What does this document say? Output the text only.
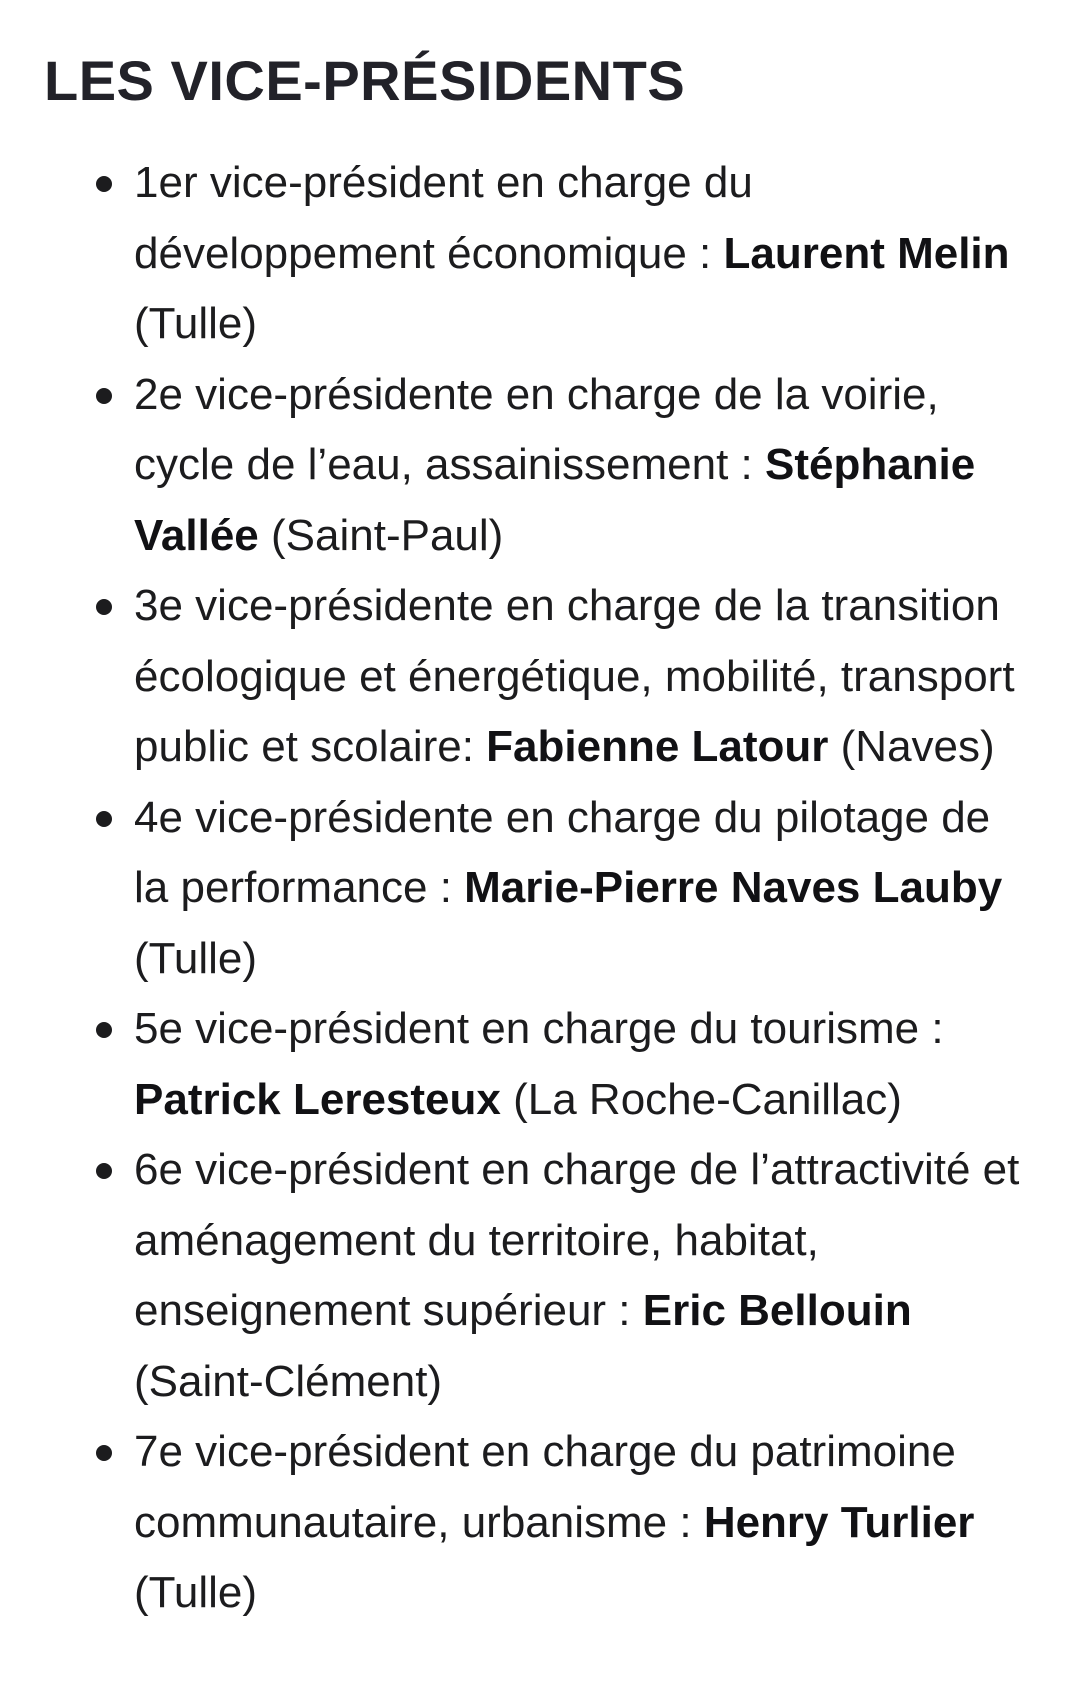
LES VICE-PRÉSIDENTS
1er vice-président en charge du développement économique : Laurent Melin (Tulle)
2e vice-présidente en charge de la voirie, cycle de l’eau, assainissement : Stéphanie Vallée (Saint-Paul)
3e vice-présidente en charge de la transition écologique et énergétique, mobilité, transport public et scolaire: Fabienne Latour (Naves)
4e vice-présidente en charge du pilotage de la performance : Marie-Pierre Naves Lauby (Tulle)
5e vice-président en charge du tourisme : Patrick Leresteux (La Roche-Canillac)
6e vice-président en charge de l’attractivité et aménagement du territoire, habitat, enseignement supérieur : Eric Bellouin (Saint-Clément)
7e vice-président en charge du patrimoine communautaire, urbanisme : Henry Turlier (Tulle)
